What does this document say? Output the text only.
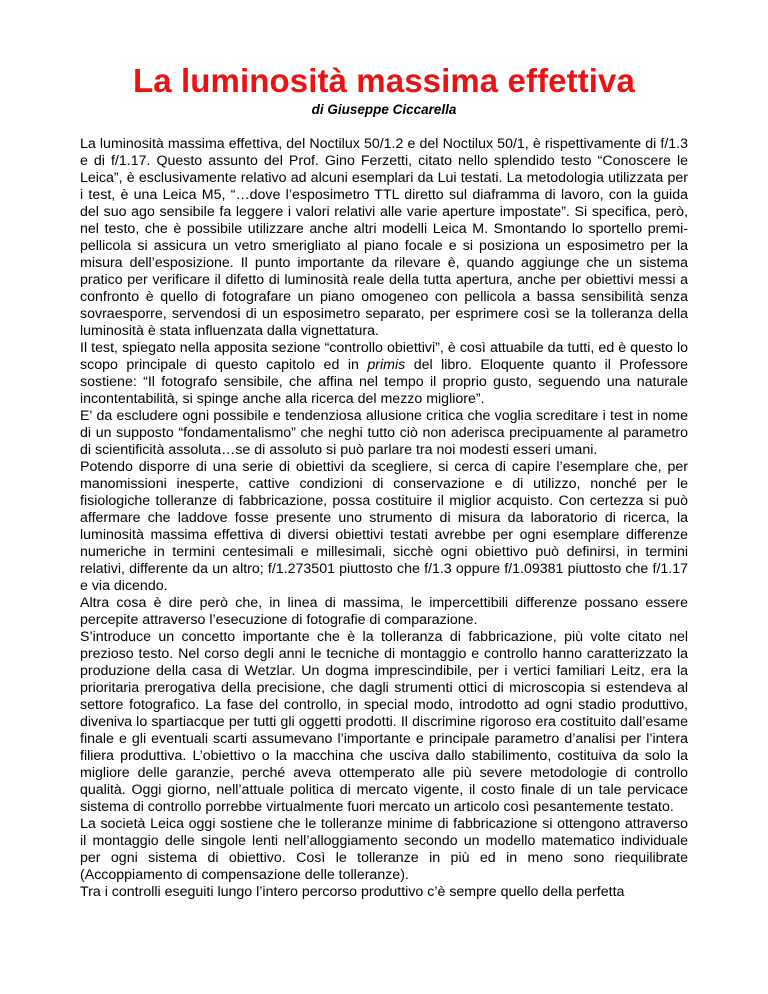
La luminosità massima effettiva
di Giuseppe Ciccarella

La luminosità massima effettiva, del Noctilux 50/1.2 e del Noctilux 50/1, è rispettivamente di f/1.3 e di f/1.17. Questo assunto del Prof. Gino Ferzetti, citato nello splendido testo “Conoscere le Leica”, è esclusivamente relativo ad alcuni esemplari da Lui testati. La metodologia utilizzata per i test, è una Leica M5, “…dove l’esposimetro TTL diretto sul diaframma di lavoro, con la guida del suo ago sensibile fa leggere i valori relativi alle varie aperture impostate”. Si specifica, però, nel testo, che è possibile utilizzare anche altri modelli Leica M. Smontando lo sportello premi-pellicola si assicura un vetro smerigliato al piano focale e si posiziona un esposimetro per la misura dell’esposizione. Il punto importante da rilevare è, quando aggiunge che un sistema pratico per verificare il difetto di luminosità reale della tutta apertura, anche per obiettivi messi a confronto è quello di fotografare un piano omogeneo con pellicola a bassa sensibilità senza sovraesporre, servendosi di un esposimetro separato, per esprimere così se la tolleranza della luminosità è stata influenzata dalla vignettatura.

Il test, spiegato nella apposita sezione “controllo obiettivi”, è così attuabile da tutti, ed è questo lo scopo principale di questo capitolo ed in primis del libro. Eloquente quanto il Professore sostiene: “Il fotografo sensibile, che affina nel tempo il proprio gusto, seguendo una naturale incontentabilità, si spinge anche alla ricerca del mezzo migliore”.

E' da escludere ogni possibile e tendenziosa allusione critica che voglia screditare i test in nome di un supposto “fondamentalismo” che neghi tutto ciò non aderisca precipuamente al parametro di scientificità assoluta…se di assoluto si può parlare tra noi modesti esseri umani.

Potendo disporre di una serie di obiettivi da scegliere, si cerca di capire l’esemplare che, per manomissioni inesperte, cattive condizioni di conservazione e di utilizzo, nonché per le fisiologiche tolleranze di fabbricazione, possa costituire il miglior acquisto. Con certezza si può affermare che laddove fosse presente uno strumento di misura da laboratorio di ricerca, la luminosità massima effettiva di diversi obiettivi testati avrebbe per ogni esemplare differenze numeriche in termini centesimali e millesimali, sicchè ogni obiettivo può definirsi, in termini relativi, differente da un altro; f/1.273501 piuttosto che f/1.3 oppure f/1.09381 piuttosto che f/1.17 e via dicendo.

Altra cosa è dire però che, in linea di massima, le impercettibili differenze possano essere percepite attraverso l’esecuzione di fotografie di comparazione.

S’introduce un concetto importante che è la tolleranza di fabbricazione, più volte citato nel prezioso testo. Nel corso degli anni le tecniche di montaggio e controllo hanno caratterizzato la produzione della casa di Wetzlar. Un dogma imprescindibile, per i vertici familiari Leitz, era la prioritaria prerogativa della precisione, che dagli strumenti ottici di microscopia si estendeva al settore fotografico. La fase del controllo, in special modo, introdotto ad ogni stadio produttivo, diveniva lo spartiacque per tutti gli oggetti prodotti. Il discrimine rigoroso era costituito dall’esame finale e gli eventuali scarti assumevano l’importante e principale parametro d’analisi per l’intera filiera produttiva. L’obiettivo o la macchina che usciva dallo stabilimento, costituiva da solo la migliore delle garanzie, perché aveva ottemperato alle più severe metodologie di controllo qualità. Oggi giorno, nell’attuale politica di mercato vigente, il costo finale di un tale pervicace sistema di controllo porrebbe virtualmente fuori mercato un articolo così pesantemente testato.

La società Leica oggi sostiene che le tolleranze minime di fabbricazione si ottengono attraverso il montaggio delle singole lenti nell’alloggiamento secondo un modello matematico individuale per ogni sistema di obiettivo. Così le tolleranze in più ed in meno sono riequilibrate (Accoppiamento di compensazione delle tolleranze).

Tra i controlli eseguiti lungo l’intero percorso produttivo c’è sempre quello della perfetta
